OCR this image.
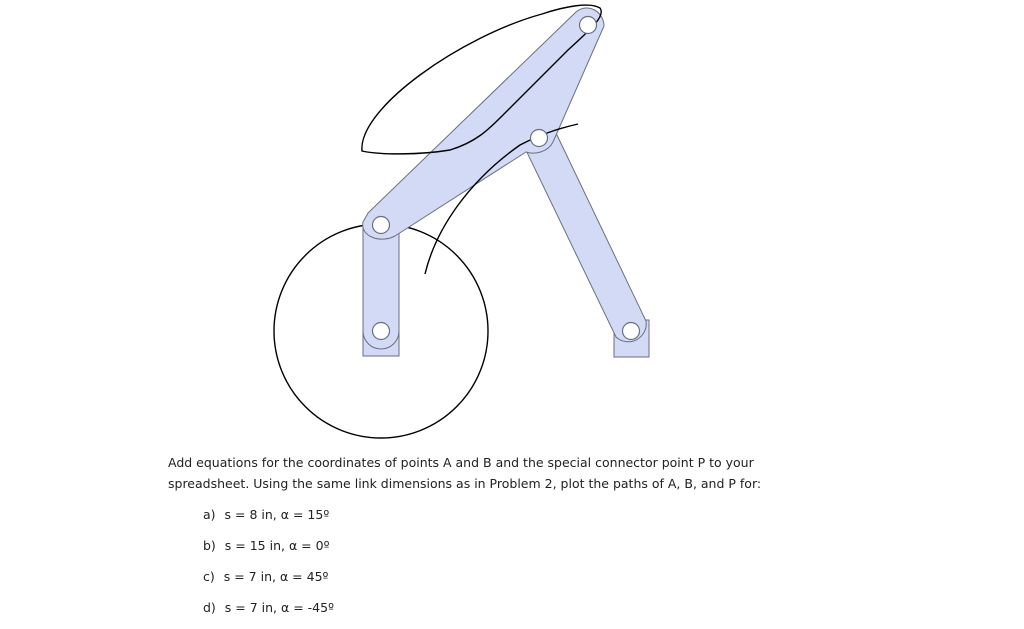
Add equations for the coordinates of points A and B and the special connector point P to your
spreadsheet. Using the same link dimensions as in Problem 2, plot the paths of A, B, and P for:
a) s = 8 in, α = 15º
b) s = 15 in, α = 0º
c) s = 7 in, α = 45º
d) s = 7 in, α = -45º
